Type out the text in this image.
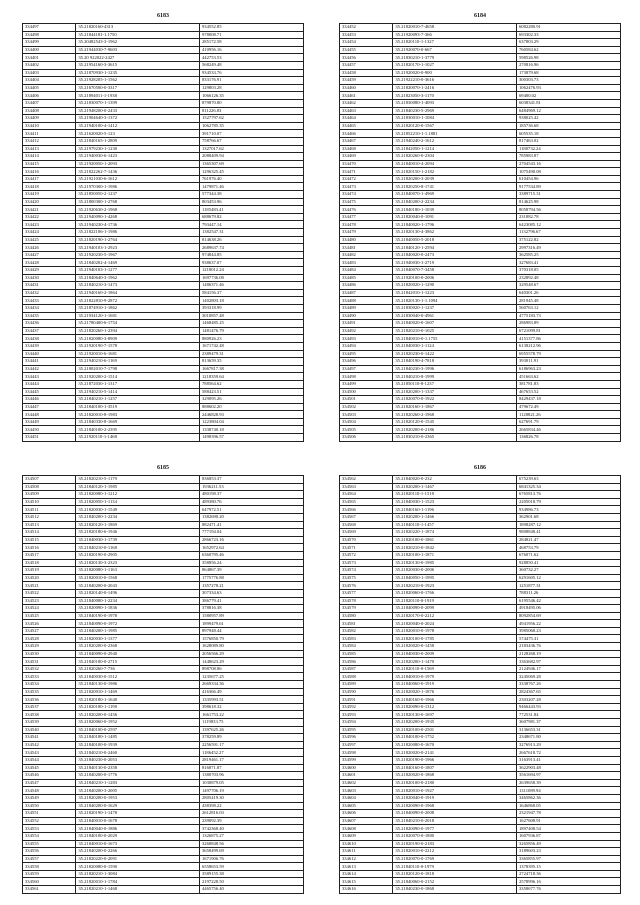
6183
334497	35.21820160-4313	934552.85
334498	35.21844181-1.1750	978008.71
334499	35.20482543-3-1962	285172.58
334400	35.21944030-7-9603	410956.16
334401	35.20 922022-2427	442753.53
334402	35.21954160-3-3615	568249.48
334403	35.21870930-1-1235	934533.76
334404	35.21928205-1-1562	833176.91
334405	35.21670500-0-3317	129803.28
334406	35.21894011-1-1938	1066126.35
334407	35.21830070-1-1399	879870.80
334408	35.21948200-0-2433	811226.83
334409	35.21904640-3-1372	1527797.62
334410	35.21940100-4-1412	1062785.35
334411	35.21620020-5-123	391710.07
334412	35.21840165-1-2809	758766.67
334413	35.21979230-1-1230	1327017.62
334414	35.21940030-6-1423	2088409.94
334415	35.21920050-1-2093	1365307.69
334416	35.21822262-7-1436	1296325.45
334417	35.21921030-6-1612	761976.40
334418	35.21970300-1-1986	1479871.46
334419	35.21850050-2-1237	577344.38
334420	35.21800300-1-2768	803453.96
334421	35.21920630-2-1968	1185483.41
334422	35.21940090-1-4268	688679.82
334423	35.21940230-4-1736	793447.14
334424	35.21822106-1-1986	1382547.31
334425	35.21820190-1-2764	814638.26
334426	35.21940103-1-2923	2689637.74
334427	35.21920230-5-1967	974844.85
334428	35.21840202-4-1469	938637.07
334429	35.21940103-1-1277	1218012.24
334430	35.21840640-3-1962	1697736.08
334431	35.21840210-3-1473	1486371.46
334432	35.21940160-2-1864	584156.37
334433	35.21822810-9-2872	1402803.18
334434	35.21874910-1-1862	393318.99
334435	35.21934120-1-1681	3010857.48
334436	35.21780400-6-1754	1468485.25
334437	35.21820260-1-2394	1481476.79
334438	35.21820080-3-8909	880926.23
334439	35.21920190-7-1578	1671742.48
334440	35.21920010-6-1681	2389479.31
334441	35.21940210-6-1169	813659.35
334442	35.21802010-7-1798	1667817.38
334443	35.21920200-2-1514	1218359.64
334444	35.21872030-1-1317	788564.62
334445	35.21940210-5-1414	588423.51
334446	35.21840210-1-1257	329095.26
334447	35.21840100-1-3519	888602.20
334448	35.21820010-8-1983	2446828.93
334449	35.21840330-8-1669	1223804.04
334450	35.21840100-2-2395	1338740.18
334451	35.21920110-1-1468	1498396.57
6184
334452	35.21820010-7-4658	6082280.91
334453	35.21920093-7-366	693302.33
334454	35.21820110-1-1327	637803.29
334455	35.21920070-0-667	760584.62
334456	35.21830210-1-3779	598526.98
334457	35.21820170-1-1027	270816.96
334458	35.21920020-0-900	173879.68
334459	35.21922210-0-3616	300303.73
334460	35.21820070-1-2416	1062476.93
334461	35.21823050-3-1170	69400.02
334462	35.21830080-1-4093	6038341.81
334463	35.21840230-5-2969	6484969.12
334464	35.21830010-1-1084	938025.42
334465	35.21820120-0-1567	185736.68
334466	35.21852210-1-1.1881	605535.18
334467	35.21940240-2-1612	817463.02
334468	35.21842050-1-1214	1180732.24
334469	35.21820260-0-2304	785983.87
334470	35.21840010-4-2094	2704543.16
334471	35.21820150-1-2182	1075490.08
334472	35.21820200-3-2039	610454.96
334473	35.21820250-8-1741	9177534.89
334474	35.21840070-1-4969	3389715.31
334475	35.21840200-2-2234	814625.98
334476	35.21840180-1-1039	8058794.56
334477	35.21820040-0-1091	231882.78
334478	35.21840020-1-1796	6423085.12
334479	35.21820130-4-3862	1132796.67
334480	35.21840050-5-2018	375122.82
334481	35.21840120-1-2594	2997316.49
334482	35.21840020-0-2473	362585.25
334483	35.21940030-1-2719	327683.41
334484	35.21840070-7-3458	370318.05
334485	35.21920100-0-2006	232892.48
334486	35.21820020-1-1290	329548.67
334487	35.21842010-1-1223	640301.26
334488	35.21820130-1-1.1094	281945.48
334489	35.21830020-1-1237	560763.12
334490	35.21830040-0-4961	4775183.73
334491	35.21840020-0-1607	286983.89
334492	35.21820210-0-1025	6721099.81
334493	35.21840010-0-1.1755	4151377.86
334494	35.21840030-1-1124	6138212.96
334495	35.21820230-0-1422	6955578.79
334496	35.21840190-4-7818	393011.91
334497	35.21840230-3-1996	6186963.23
334498	35.21840210-8-1999	451663.62
334499	35.21850110-8-1237	381781.83
334500	35.21820200-1-1337	467653.52
334501	35.21820070-0-1922	8429437.18
334502	35.21820160-1-1867	479672.49
334503	35.21820260-2-1968	1128821.26
334504	35.21820120-0-1545	627691.79
334505	35.21820200-0-2186	2665834.46
334506	35.21830210-0-2365	136826.78
6185
334507	35.21820210-5-1179	836853.37
334508	35.21840120-1-1985	1936211.53
334509	35.21820080-1-1212	480198.37
334510	35.21820050-1-1134	489380.76
334511	35.21820030-1-1549	647972.51
334512	35.21840200-1-2234	1382690.20
334513	35.21820120-1-1869	882471.41
334514	35.21820180-6-1946	777194.04
334515	35.21840030-1-1739	2866723.16
334516	35.21840210-0-1168	1652972.64
334517	35.21820190-0-2905	6360795.46
334518	35.21820130-3-2323	358856.24
334519	35.21820080-1-1163	864867.39
334520	35.21820010-0-1568	1775776.88
334521	35.21840200-0-2043	1357278.21
334522	35.21820140-0-1496	307334.63
334523	35.21840080-1-2234	386779.41
334524	35.21820090-1-1836	378816.38
334525	35.21840190-0-1978	1580957.89
334526	35.21840090-0-1972	1899479.61
334527	35.21840200-1-1985	897948.44
334528	35.21820030-1-1377	1576850.79
334529	35.21820200-0-2368	1628089.80
334530	35.21840090-0-2940	2056566.29
334531	35.21840180-0-2715	1448623.29
334532	35.21820260-7-736	898708.86
334533	35.21840030-0-1512	1235677.25
334534	35.21840130-0-1986	2669334.36
334535	35.21820010-1-1469	416366.49
334536	35.21820180-1-1640	1335993.51
334537	35.21820180-1-1198	398618.32
334538	35.21820200-0-1456	1661753.22
334539	35.21820060-0-1952	1119833.75
334540	35.21840100-0-2597	1397625.26
334541	35.21840180-1-1485	378259.89
334542	35.21840100-0-1939	2256591.17
334543	35.21840210-0-2460	1186452.27
334544	35.21840230-0-2053	2819461.17
334545	35.21840130-0-2358	816871.87
334546	35.21840200-0-1776	1380703.96
334547	35.21840210-1-1283	1030879.05
334548	35.21840200-3-2005	1497706.19
334549	35.21820200-0-1953	2805419.30
334550	35.21840200-0-1629	438398.22
334551	35.21820190-1-1478	2612816.03
334552	35.21840010-0-1678	239092.39
334553	35.21840040-0-1886	3742368.40
334554	35.21840100-0-2029	1326875.27
334555	35.21840010-0-1673	3268848.56
334556	35.21840200-0-2266	3658499.69
334557	35.21820220-0-2091	1671906.76
334558	35.21820080-0-1590	6558653.59
334559	35.21820210-1-3084	3589155.38
334560	35.21820010-1-1784	2197228.50
334561	35.21820210-1-1468	4465756.40
6186
334562	35.21840020-0-232	675239.63
334563	35.21820200-1-1467	6841325.34
334564	35.21820110-1-1518	6765813.76
334565	35.21840030-1-1523	2205018.79
334566	35.21840160-1-1196	934986.73
334567	35.21820200-1-1466	362901.68
334568	35.21840110-1-1457	1898287.12
334569	35.21820220-1-1874	9808848.41
334570	35.21820100-0-1861	284821.47
334571	35.21820210-0-1842	468753.79
334572	35.21820100-1-1871	676071.62
334573	35.21820130-0-1985	928850.41
334574	35.21820030-0-2006	360732.27
334575	35.21840050-1-1995	6291605.12
334576	35.21820210-0-1923	1251877.31
334577	35.21820060-0-1766	788311.26
334578	35.21820110-0-1919	6195546.42
334579	35.21840090-0-2099	4918495.06
334580	35.21820170-0-2212	8092854.69
334581	35.21820040-0-2024	4941956.22
334582	35.21820010-0-1978	3985068.23
334583	35.21820100-0-1785	574475.31
334584	35.21820020-0-1458	2183436.76
334585	35.21840030-0-2009	2128268.19
334586	35.21820200-1-1470	3363682.97
334587	35.21820110-0-1569	2124946.17
334588	35.21840010-0-1979	3245069.28
334589	35.21840060-0-1919	3338767.26
334590	35.21820020-1-1876	2824367.65
334591	35.21840160-0-1966	2303207.28
334592	35.21820090-0-1312	9466443.93
334593	35.21820130-0-1697	772531.84
334594	35.21820200-0-1935	3607981.37
334595	35.21820100-0-2501	3136653.31
334596	35.21840100-0-1752	2348671.80
334597	35.21820080-0-1670	3276913.29
334598	35.21820020-0-2141	2667618.72
334599	35.21820190-0-1966	3163913.41
334600	35.21840160-0-1807	3622903.48
334601	35.21820020-0-1868	3561694.97
334602	35.21820100-0-2180	2639658.39
334603	35.21820010-0-1927	1311089.94
334604	35.21820040-0-1919	3465862.36
334605	35.21820090-0-1968	1646868.05
334606	35.21840090-0-2008	2321947.78
334607	35.21840210-0-2018	1627608.91
334608	35.21820090-0-1977	1897408.54
334609	35.21820070-0-1880	1607936.87
334610	35.21820190-0-2183	3265856.49
334611	35.21820010-0-2212	3189603.23
334612	35.21820070-0-1769	3365855.97
334613	35.21840110-0-1979	1378395.15
334614	35.21820120-0-1818	2724718.36
334615	35.21840060-0-2152	2578996.16
334616	35.21840230-0-1868	3358677.76
